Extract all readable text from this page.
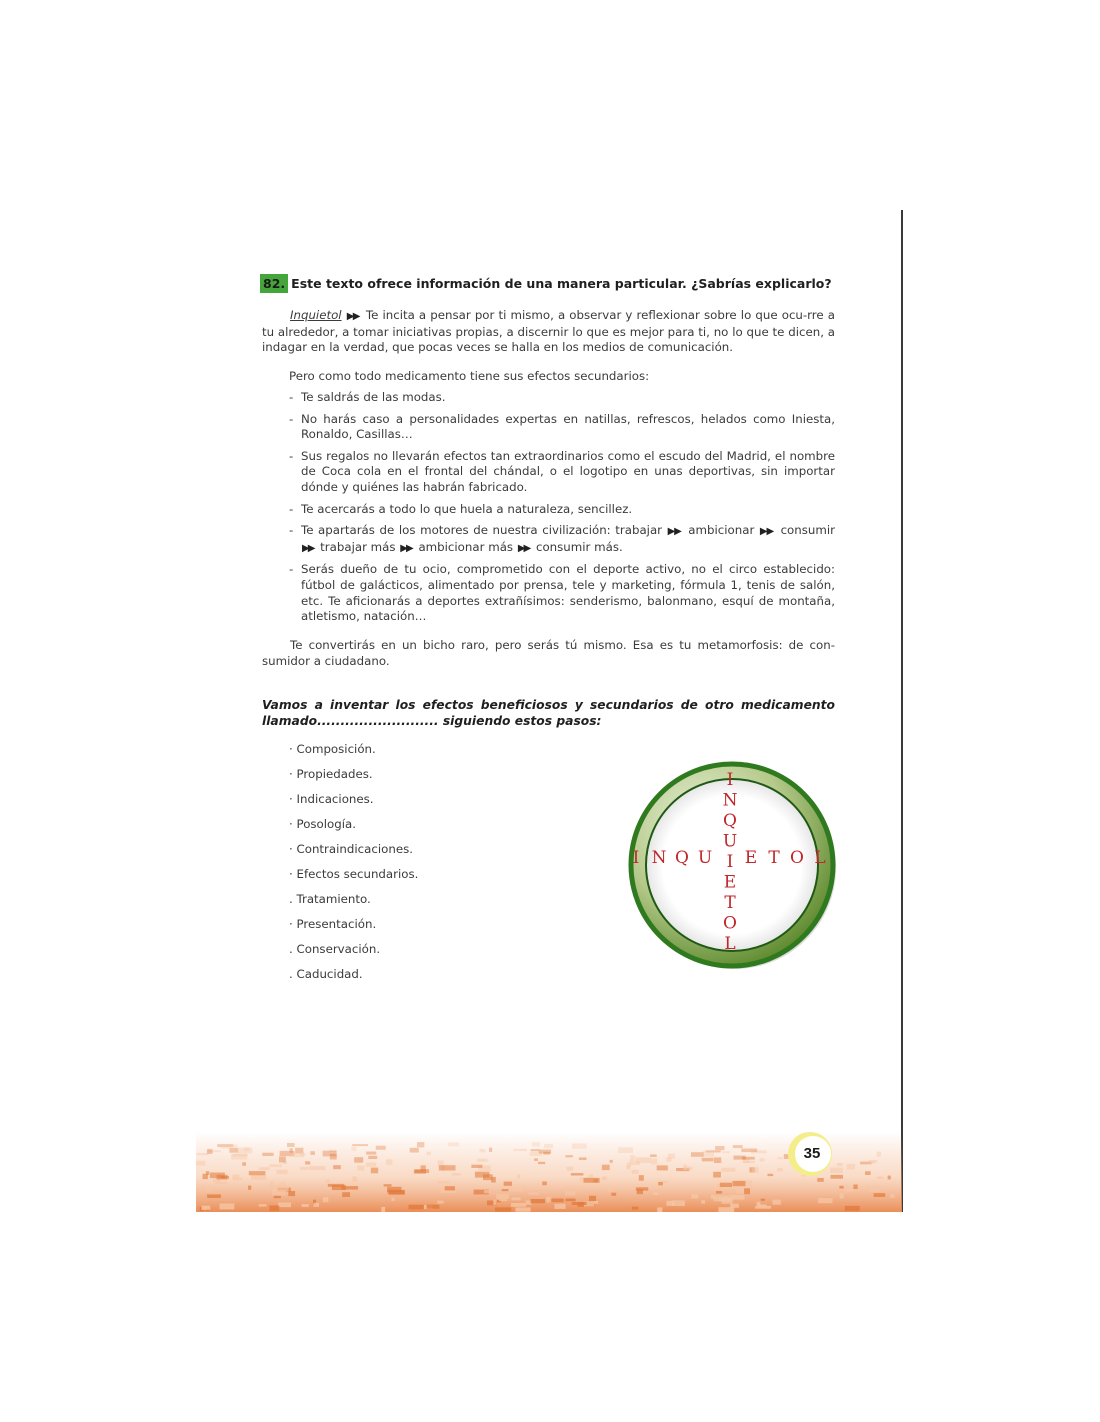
82. Este texto ofrece información de una manera particular. ¿Sabrías explicarlo?
Inquietol ▶▶ Te incita a pensar por ti mismo, a observar y reflexionar sobre lo que ocu-rre a tu alrededor, a tomar iniciativas propias, a discernir lo que es mejor para ti, no lo que te dicen, a indagar en la verdad, que pocas veces se halla en los medios de comunicación.
Pero como todo medicamento tiene sus efectos secundarios:
- Te saldrás de las modas.
- No harás caso a personalidades expertas en natillas, refrescos, helados como Iniesta, Ronaldo, Casillas…
- Sus regalos no llevarán efectos tan extraordinarios como el escudo del Madrid, el nombre de Coca cola en el frontal del chándal, o el logotipo en unas deportivas, sin importar dónde y quiénes las habrán fabricado.
- Te acercarás a todo lo que huela a naturaleza, sencillez.
- Te apartarás de los motores de nuestra civilización: trabajar ▶▶ ambicionar ▶▶ consumir ▶▶ trabajar más ▶▶ ambicionar más ▶▶ consumir más.
- Serás dueño de tu ocio, comprometido con el deporte activo, no el circo establecido: fútbol de galácticos, alimentado por prensa, tele y marketing, fórmula 1, tenis de salón, etc. Te aficionarás a deportes extrañísimos: senderismo, balonmano, esquí de montaña, atletismo, natación…
Te convertirás en un bicho raro, pero serás tú mismo. Esa es tu metamorfosis: de con-sumidor a ciudadano.
Vamos a inventar los efectos beneficiosos y secundarios de otro medicamento llamado.......................... siguiendo estos pasos:
· Composición.
· Propiedades.
· Indicaciones.
· Posología.
· Contraindicaciones.
· Efectos secundarios.
. Tratamiento.
· Presentación.
. Conservación.
. Caducidad.
I N Q U E T O L
I
N
Q
U
I
E
T
O
L
35
